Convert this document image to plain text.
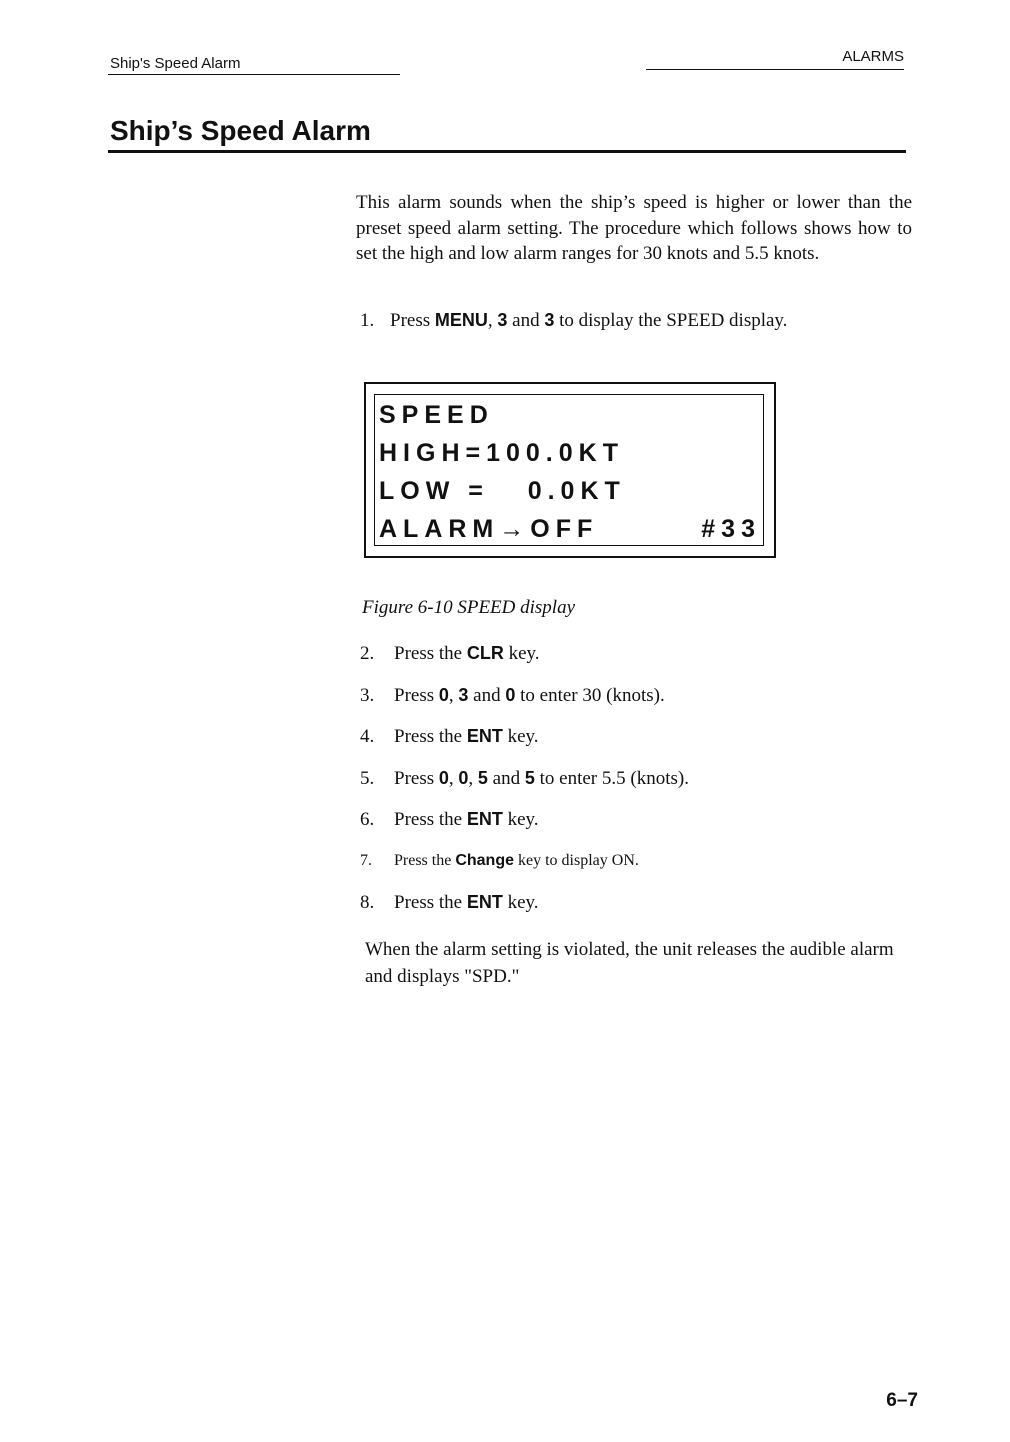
Ship's Speed Alarm	ALARMS
Ship’s Speed Alarm

This alarm sounds when the ship’s speed is higher or lower than the preset speed alarm setting. The procedure which follows shows how to set the high and low alarm ranges for 30 knots and 5.5 knots.

1. Press MENU, 3 and 3 to display the SPEED display.
SPEED
HIGH=100.0KT
LOW =   0.0KT
ALARM→OFF	#33
Figure 6-10 SPEED display
2. Press the CLR key.
3. Press 0, 3 and 0 to enter 30 (knots).
4. Press the ENT key.
5. Press 0, 0, 5 and 5 to enter 5.5 (knots).
6. Press the ENT key.
7. Press the Change key to display ON.
8. Press the ENT key.

When the alarm setting is violated, the unit releases the audible alarm and displays "SPD."

6–7
